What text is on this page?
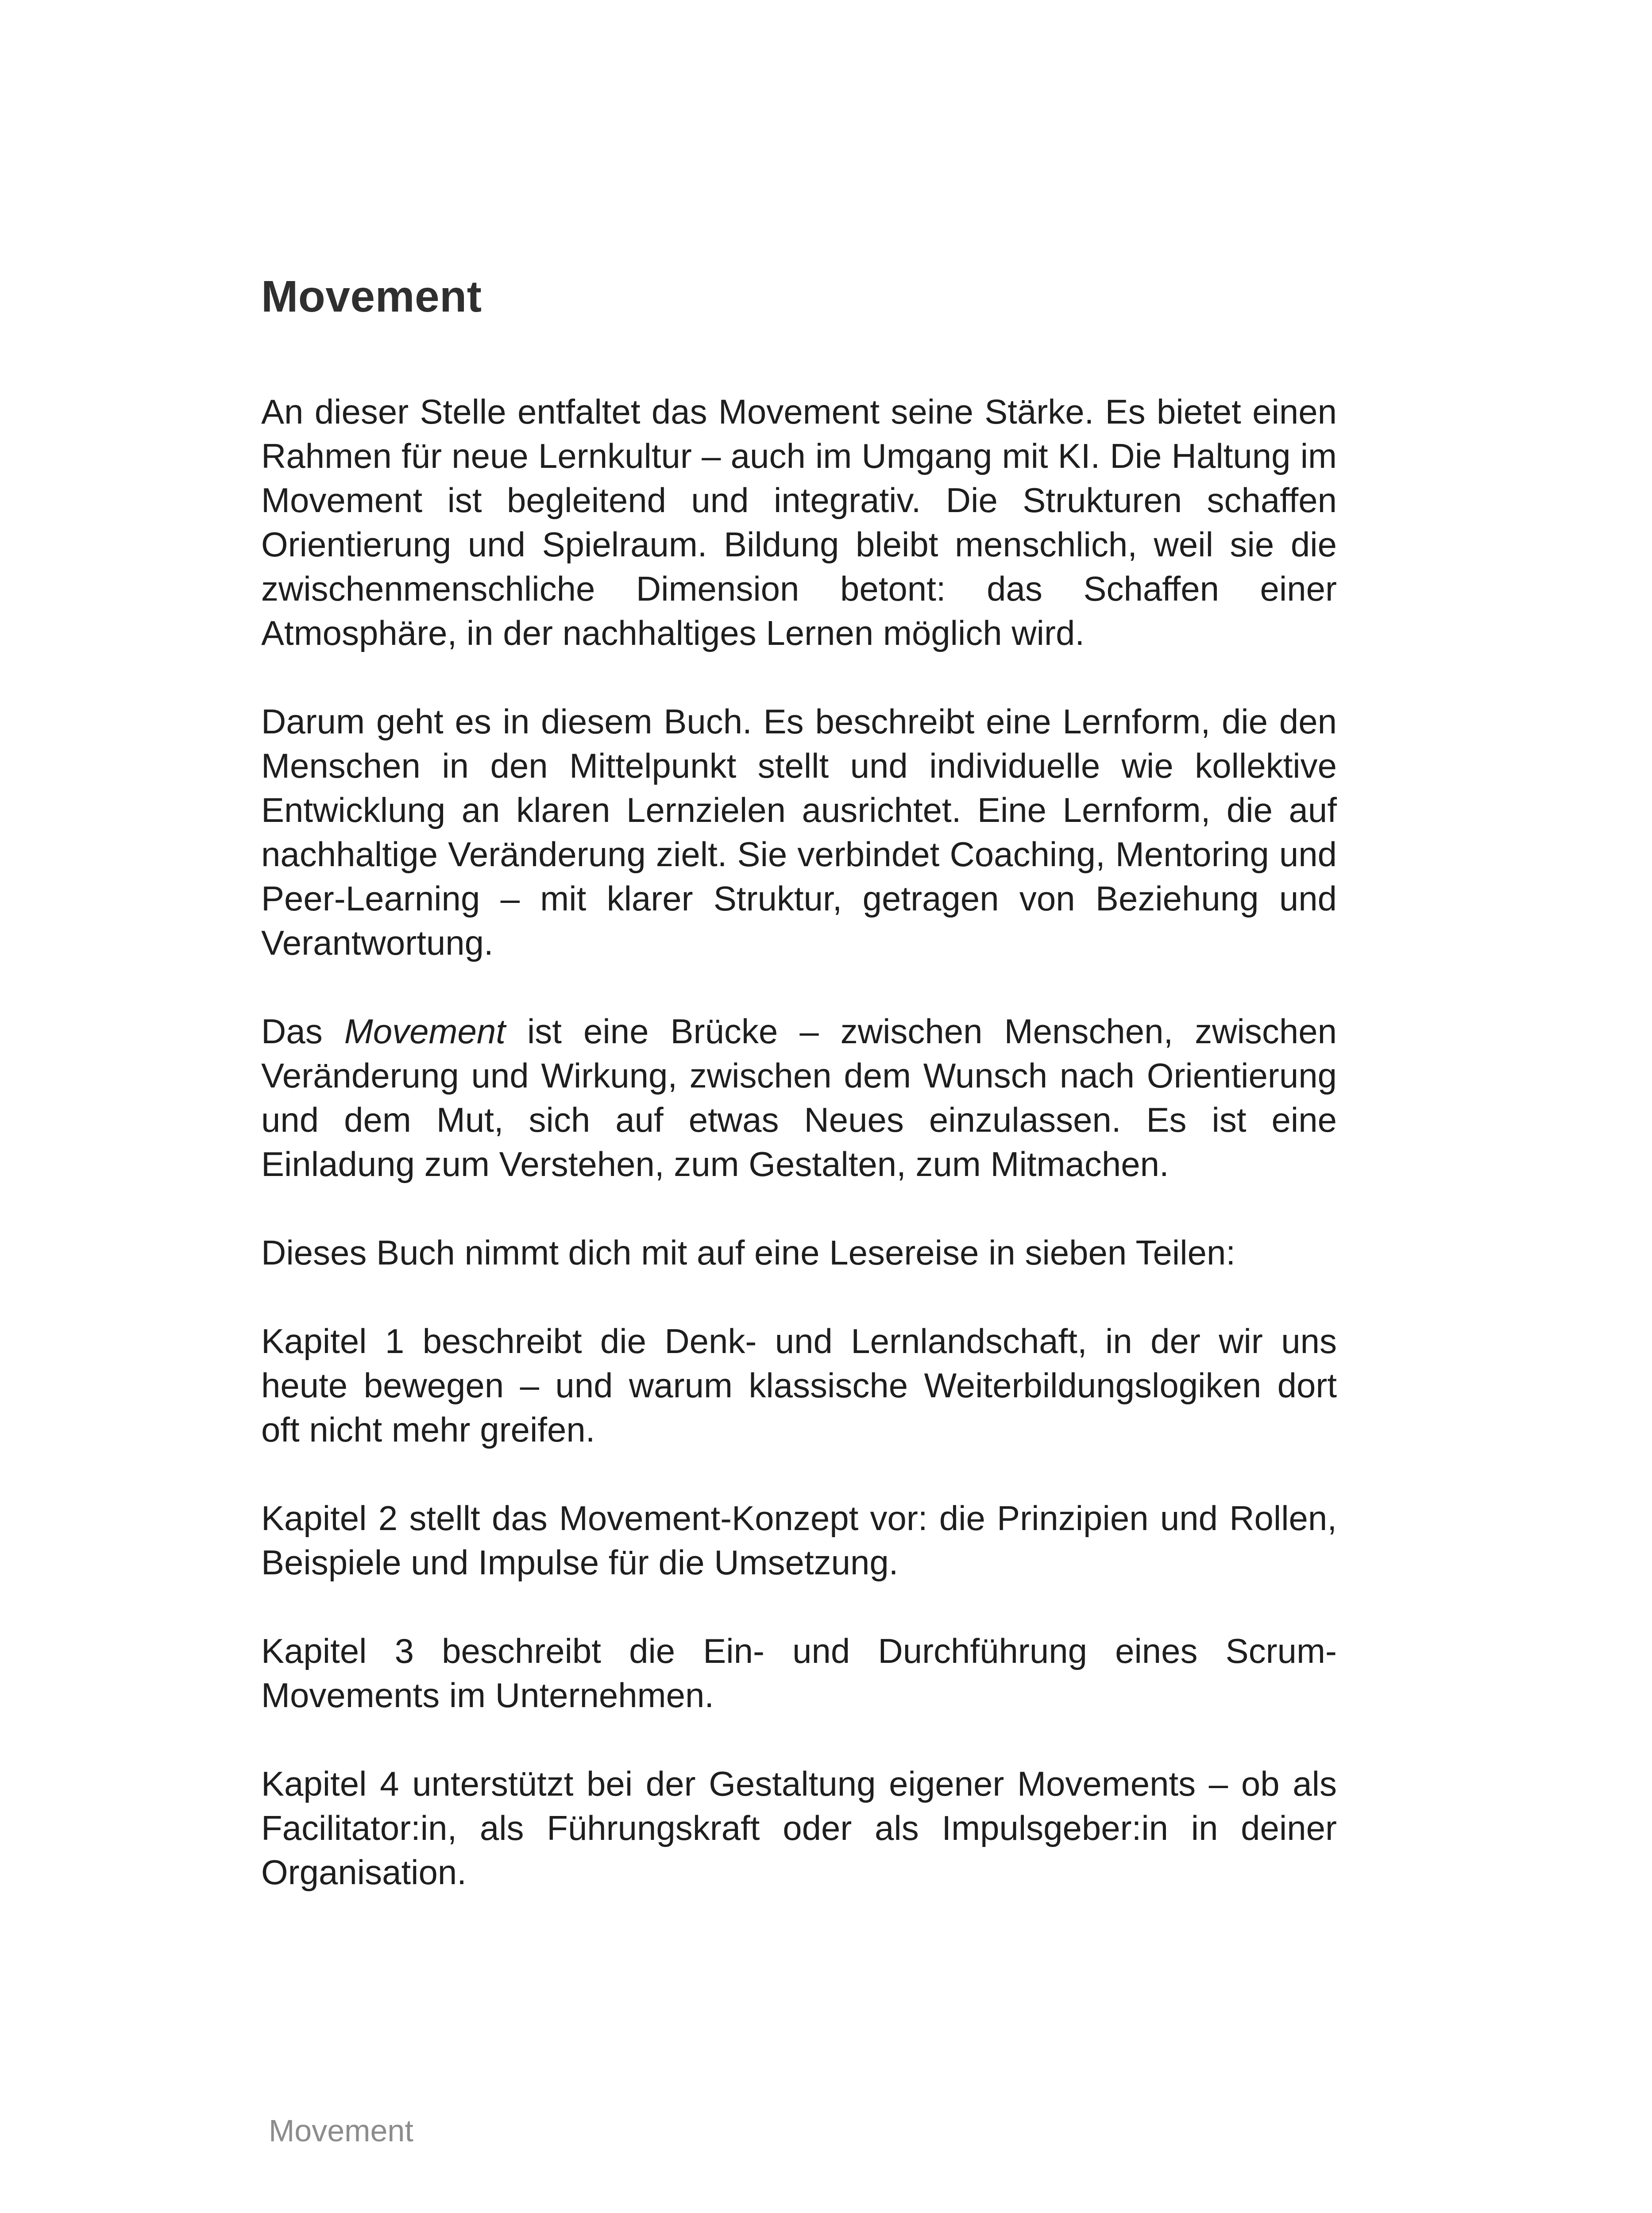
Movement

An dieser Stelle entfaltet das Movement seine Stärke. Es bietet einen Rahmen für neue Lernkultur – auch im Umgang mit KI. Die Haltung im Movement ist begleitend und integrativ. Die Strukturen schaffen Orientierung und Spielraum. Bildung bleibt menschlich, weil sie die zwischenmenschliche Dimension betont: das Schaffen einer Atmosphäre, in der nachhaltiges Lernen möglich wird.

Darum geht es in diesem Buch. Es beschreibt eine Lernform, die den Menschen in den Mittelpunkt stellt und individuelle wie kollektive Entwicklung an klaren Lernzielen ausrichtet. Eine Lernform, die auf nachhaltige Veränderung zielt. Sie verbindet Coaching, Mentoring und Peer-Learning – mit klarer Struktur, getragen von Beziehung und Verantwortung.

Das Movement ist eine Brücke – zwischen Menschen, zwischen Veränderung und Wirkung, zwischen dem Wunsch nach Orientierung und dem Mut, sich auf etwas Neues einzulassen. Es ist eine Einladung zum Verstehen, zum Gestalten, zum Mitmachen.

Dieses Buch nimmt dich mit auf eine Lesereise in sieben Teilen:

Kapitel 1 beschreibt die Denk- und Lernlandschaft, in der wir uns heute bewegen – und warum klassische Weiterbildungslogiken dort oft nicht mehr greifen.

Kapitel 2 stellt das Movement-Konzept vor: die Prinzipien und Rollen, Beispiele und Impulse für die Umsetzung.

Kapitel 3 beschreibt die Ein- und Durchführung eines Scrum-Movements im Unternehmen.

Kapitel 4 unterstützt bei der Gestaltung eigener Movements – ob als Facilitator:in, als Führungskraft oder als Impulsgeber:in in deiner Organisation.

Movement
